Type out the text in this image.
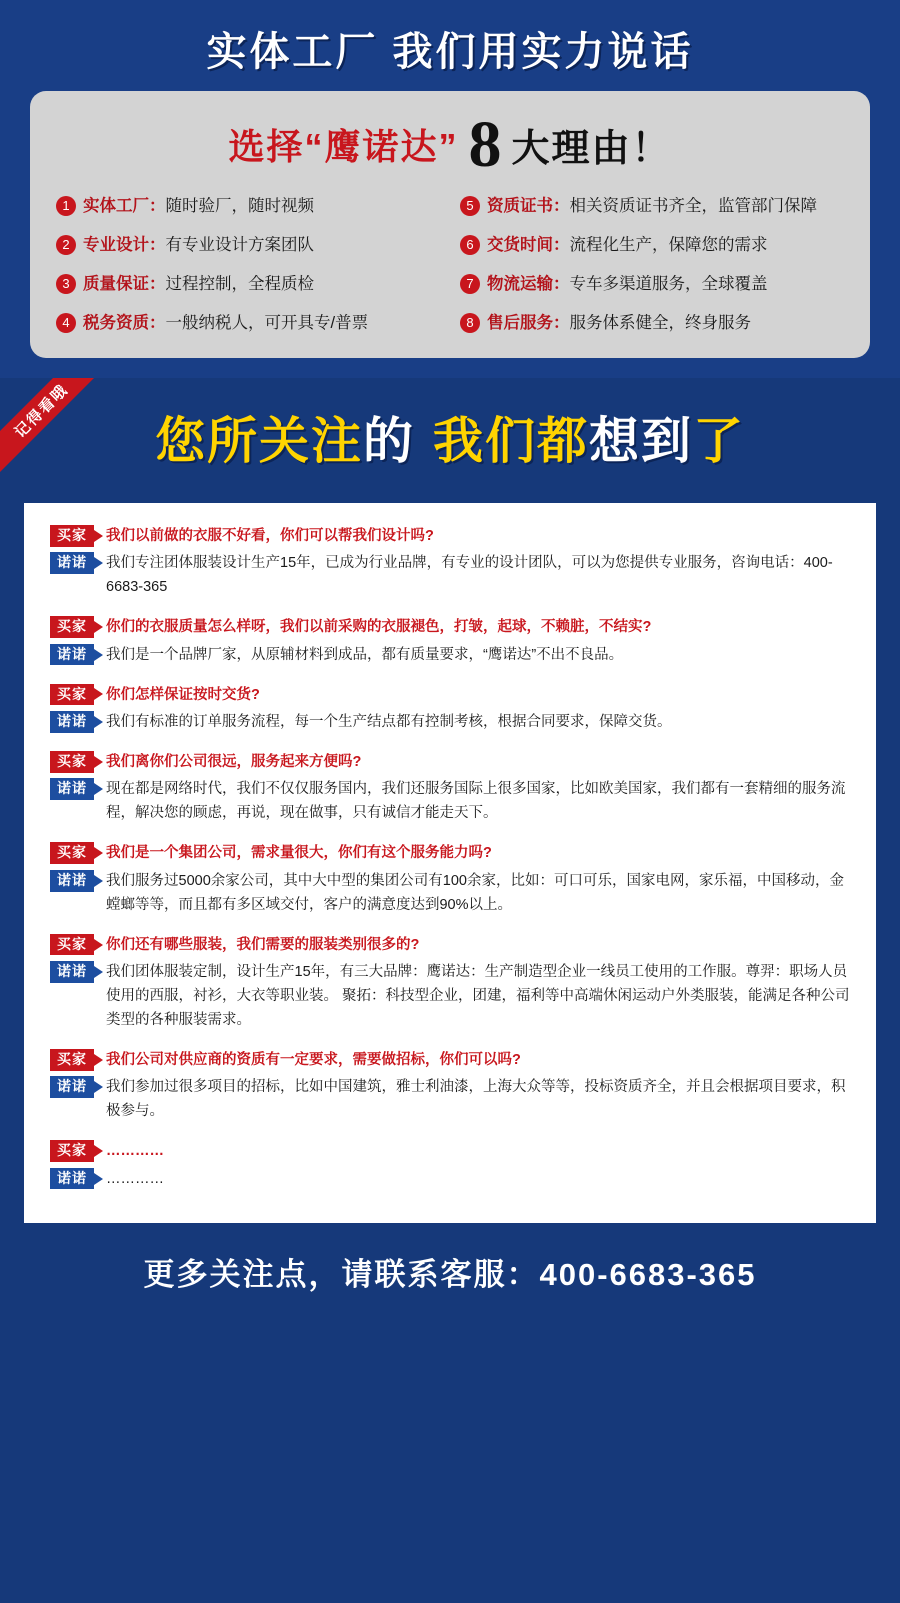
实体工厂 我们用实力说话
选择“鹰诺达” 8 大理由！
1 实体工厂： 随时验厂，随时视频	5 资质证书： 相关资质证书齐全，监管部门保障
2 专业设计： 有专业设计方案团队	6 交货时间： 流程化生产，保障您的需求
3 质量保证： 过程控制，全程质检	7 物流运输： 专车多渠道服务，全球覆盖
4 税务资质： 一般纳税人，可开具专/普票	8 售后服务： 服务体系健全，终身服务
记得看哦	您所关注的 我们都想到了
买家	我们以前做的衣服不好看，你们可以帮我们设计吗?
诺诺	我们专注团体服装设计生产15年，已成为行业品牌，有专业的设计团队，可以为您提供专业服务，咨询电话：400-6683-365
买家	你们的衣服质量怎么样呀，我们以前采购的衣服褪色，打皱，起球，不赖脏，不结实?
诺诺	我们是一个品牌厂家，从原辅材料到成品，都有质量要求，“鹰诺达”不出不良品。
买家	你们怎样保证按时交货?
诺诺	我们有标准的订单服务流程，每一个生产结点都有控制考核，根据合同要求，保障交货。
买家	我们离你们公司很远，服务起来方便吗?
诺诺	现在都是网络时代，我们不仅仅服务国内，我们还服务国际上很多国家，比如欧美国家，我们都有一套精细的服务流程，解决您的顾虑，再说，现在做事，只有诚信才能走天下。
买家	我们是一个集团公司，需求量很大，你们有这个服务能力吗?
诺诺	我们服务过5000余家公司，其中大中型的集团公司有100余家，比如：可口可乐，国家电网，家乐福，中国移动，金螳螂等等，而且都有多区域交付，客户的满意度达到90%以上。
买家	你们还有哪些服装，我们需要的服装类别很多的?
诺诺	我们团体服装定制，设计生产15年，有三大品牌：鹰诺达：生产制造型企业一线员工使用的工作服。尊羿：职场人员使用的西服，衬衫，大衣等职业装。 聚拓：科技型企业，团建，福利等中高端休闲运动户外类服装，能满足各种公司类型的各种服装需求。
买家	我们公司对供应商的资质有一定要求，需要做招标，你们可以吗?
诺诺	我们参加过很多项目的招标，比如中国建筑，雅士利油漆，上海大众等等，投标资质齐全，并且会根据项目要求，积极参与。
买家	…………
诺诺	…………
更多关注点，请联系客服：400-6683-365
